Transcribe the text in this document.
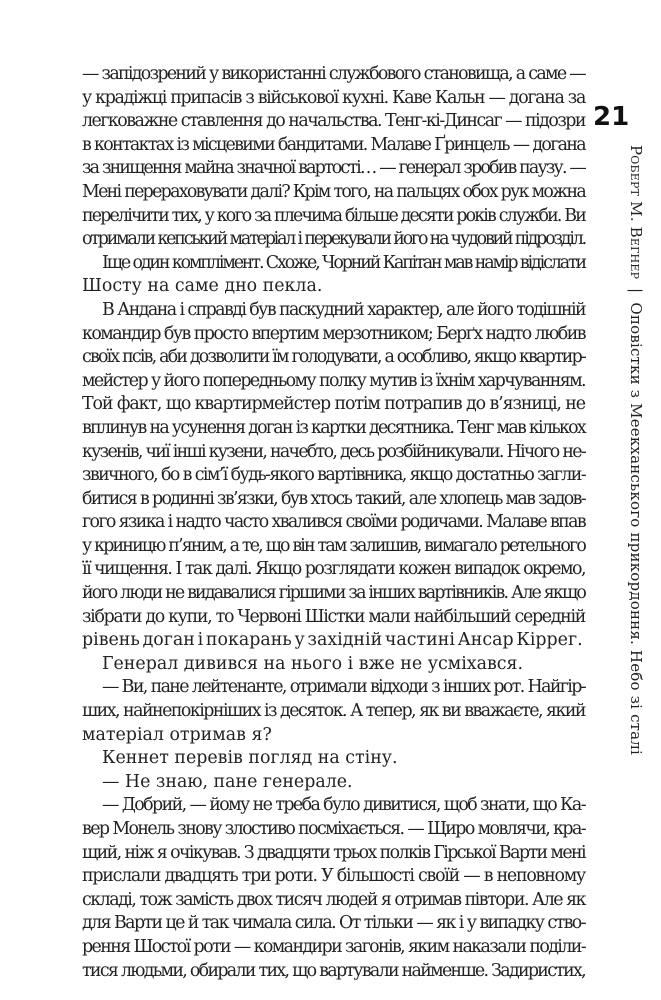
— запідозрений у використанні службового становища, а саме —
у крадіжці припасів з військової кухні. Каве Кальн — догана за
легковажне ставлення до начальства. Тенг-кі-Динсаг — підозри
в контактах із місцевими бандитами. Малаве Ґринцель — догана
за знищення майна значної вартості… — генерал зробив паузу. —
Мені перераховувати далі? Крім того, на пальцях обох рук можна
перелічити тих, у кого за плечима більше десяти років служби. Ви
отримали кепський матеріал і перекували його на чудовий підрозділ.
Іще один комплімент. Схоже, Чорний Капітан мав намір відіслати
Шосту на саме дно пекла.
В Андана і справді був паскудний характер, але його тодішній
командир був просто впертим мерзотником; Берґх надто любив
своїх псів, аби дозволити їм голодувати, а особливо, якщо квартир-
мейстер у його попередньому полку мутив із їхнім харчуванням.
Той факт, що квартирмейстер потім потрапив до в’язниці, не
вплинув на усунення доган із картки десятника. Тенг мав кількох
кузенів, чиї інші кузени, начебто, десь розбійникували. Нічого не-
звичного, бо в сім’ї будь-якого вартівника, якщо достатньо загли-
битися в родинні зв’язки, був хтось такий, але хлопець мав задов-
гого язика і надто часто хвалився своїми родичами. Малаве впав
у криницю п’яним, а те, що він там залишив, вимагало ретельного
її чищення. І так далі. Якщо розглядати кожен випадок окремо,
його люди не видавалися гіршими за інших вартівників. Але якщо
зібрати до купи, то Червоні Шістки мали найбільший середній
рівень доган і покарань у західній частині Ансар Кіррег.
Генерал дивився на нього і вже не усміхався.
— Ви, пане лейтенанте, отримали відходи з інших рот. Найгір-
ших, найнепокірніших із десяток. А тепер, як ви вважаєте, який
матеріал отримав я?
Кеннет перевів погляд на стіну.
— Не знаю, пане генерале.
— Добрий, — йому не треба було дивитися, щоб знати, що Ка-
вер Монель знову злостиво посміхається. — Щиро мовлячи, кра-
щий, ніж я очікував. З двадцяти трьох полків Гірської Варти мені
прислали двадцять три роти. У більшості своїй — в неповному
складі, тож замість двох тисяч людей я отримав півтори. Але як
для Варти це й так чимала сила. От тільки — як і у випадку ство-
рення Шостої роти — командири загонів, яким наказали поділи-
тися людьми, обирали тих, що вартували найменше. Задиристих,
21
Роберт М. Вегнер | Оповістки з Меекханського прикордоння. Небо зі сталі
